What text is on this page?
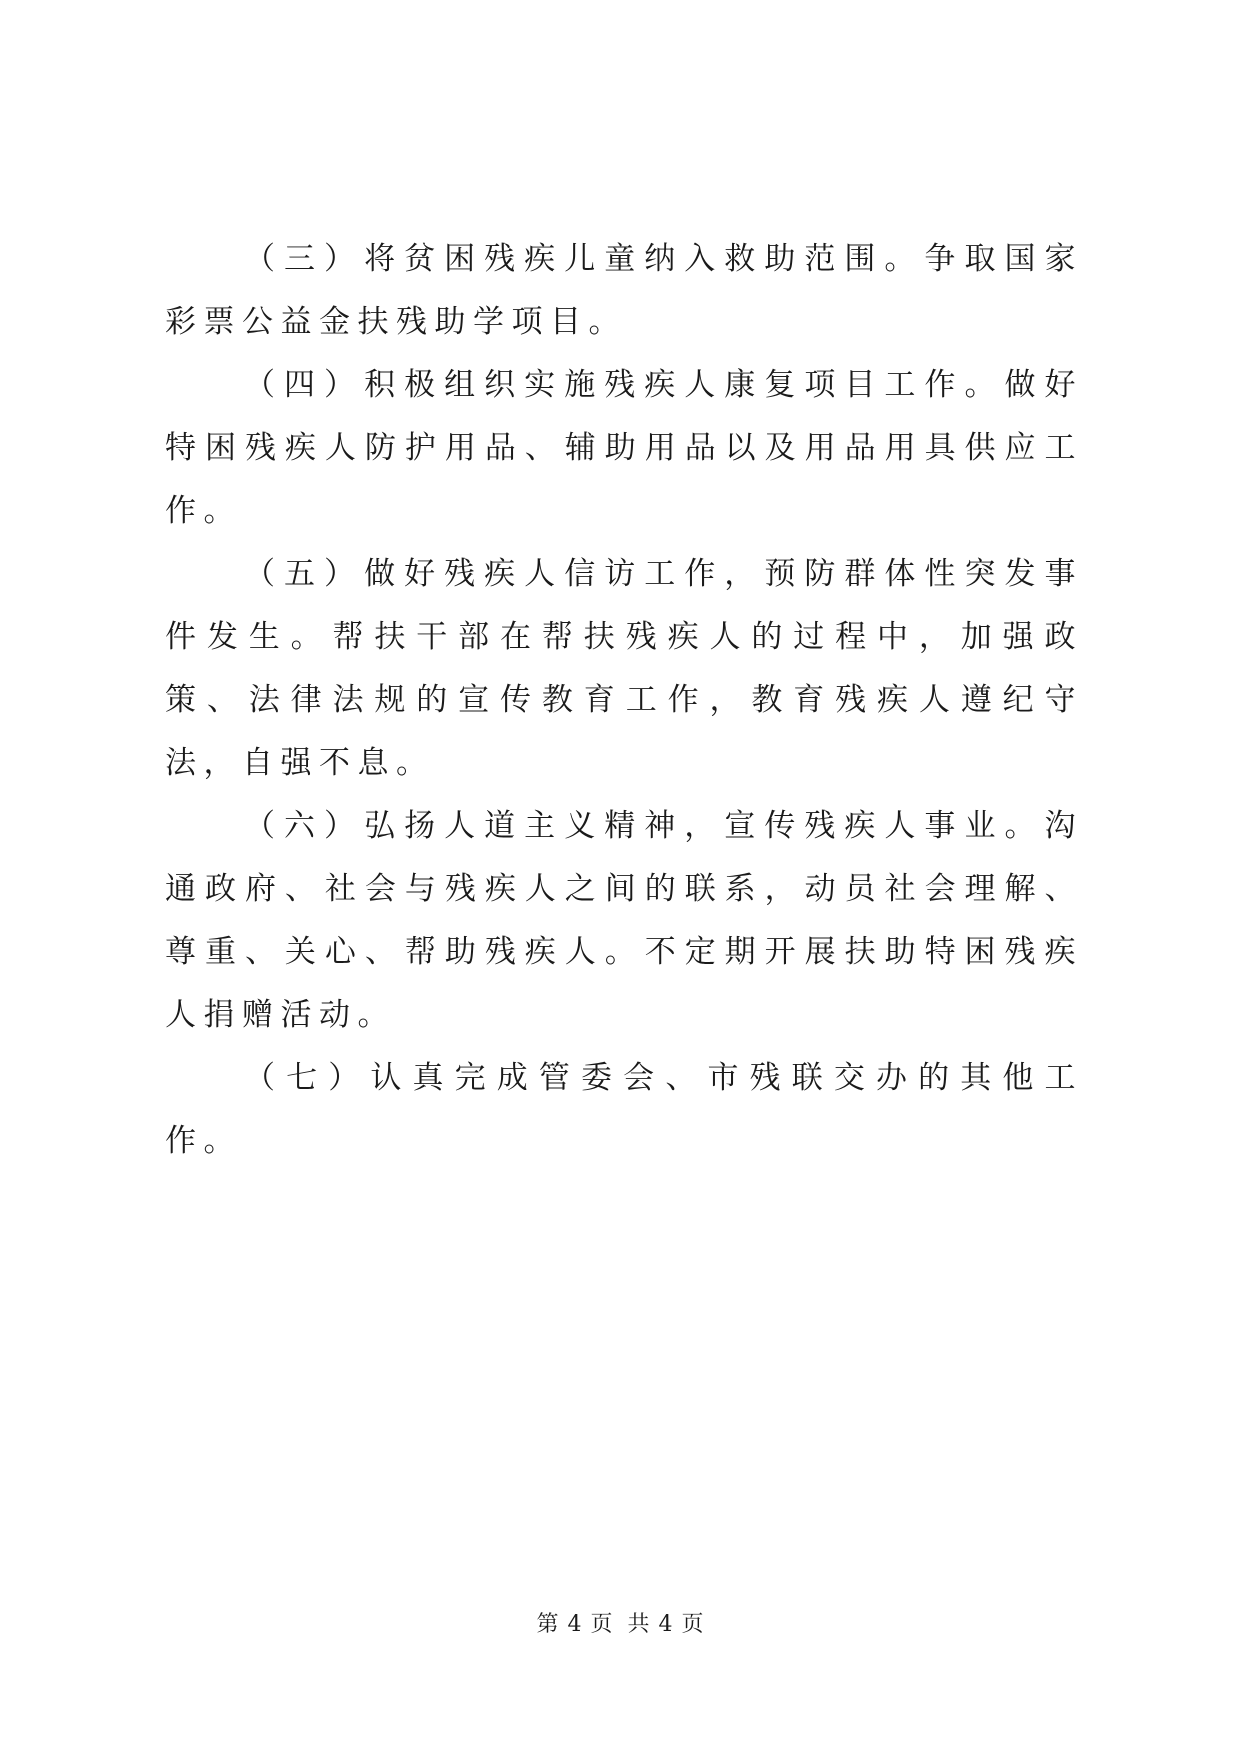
（三）将贫困残疾儿童纳入救助范围。争取国家彩票公益金扶残助学项目。

（四）积极组织实施残疾人康复项目工作。做好特困残疾人防护用品、辅助用品以及用品用具供应工作。

（五）做好残疾人信访工作，预防群体性突发事件发生。帮扶干部在帮扶残疾人的过程中，加强政策、法律法规的宣传教育工作，教育残疾人遵纪守法，自强不息。

（六）弘扬人道主义精神，宣传残疾人事业。沟通政府、社会与残疾人之间的联系，动员社会理解、尊重、关心、帮助残疾人。不定期开展扶助特困残疾人捐赠活动。

（七）认真完成管委会、市残联交办的其他工作。

第 4 页 共 4 页
